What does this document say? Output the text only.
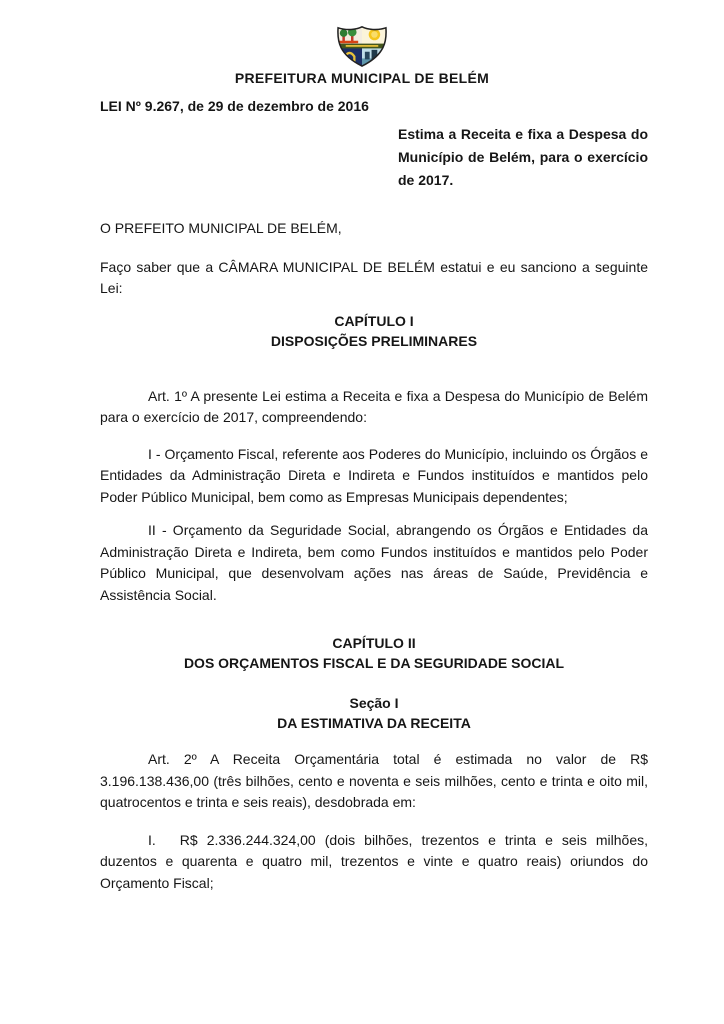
PREFEITURA MUNICIPAL DE BELÉM
LEI Nº 9.267, de 29 de dezembro de 2016
Estima a Receita e fixa a Despesa do Município de Belém, para o exercício de 2017.

O PREFEITO MUNICIPAL DE BELÉM,

Faço saber que a CÂMARA MUNICIPAL DE BELÉM estatui e eu sanciono a seguinte Lei:

CAPÍTULO I
DISPOSIÇÕES PRELIMINARES

Art. 1º A presente Lei estima a Receita e fixa a Despesa do Município de Belém para o exercício de 2017, compreendendo:

I - Orçamento Fiscal, referente aos Poderes do Município, incluindo os Órgãos e Entidades da Administração Direta e Indireta e Fundos instituídos e mantidos pelo Poder Público Municipal, bem como as Empresas Municipais dependentes;

II - Orçamento da Seguridade Social, abrangendo os Órgãos e Entidades da Administração Direta e Indireta, bem como Fundos instituídos e mantidos pelo Poder Público Municipal, que desenvolvam ações nas áreas de Saúde, Previdência e Assistência Social.

CAPÍTULO II
DOS ORÇAMENTOS FISCAL E DA SEGURIDADE SOCIAL
Seção I
DA ESTIMATIVA DA RECEITA

Art. 2º A Receita Orçamentária total é estimada no valor de R$ 3.196.138.436,00 (três bilhões, cento e noventa e seis milhões, cento e trinta e oito mil, quatrocentos e trinta e seis reais), desdobrada em:

I. R$ 2.336.244.324,00 (dois bilhões, trezentos e trinta e seis milhões, duzentos e quarenta e quatro mil, trezentos e vinte e quatro reais) oriundos do Orçamento Fiscal;
